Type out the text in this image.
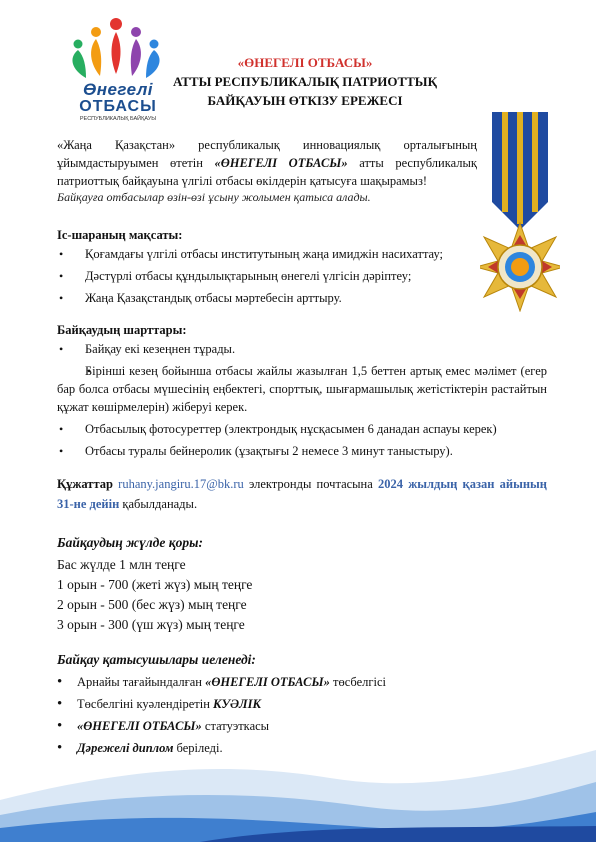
Өнегелі
ОТБАСЫ
РЕСПУБЛИКАЛЫҚ БАЙҚАУЫ
«ӨНЕГЕЛІ ОТБАСЫ»
АТТЫ РЕСПУБЛИКАЛЫҚ ПАТРИОТТЫҚ
БАЙҚАУЫН ӨТКІЗУ ЕРЕЖЕСІ
«Жаңа Қазақстан» республикалық инновациялық орталығының ұйымдастыруымен өтетін «ӨНЕГЕЛІ ОТБАСЫ» атты республикалық патриоттық байқауына үлгілі отбасы өкілдерін қатысуға шақырамыз!
Байқауға отбасылар өзін-өзі ұсыну жолымен қатыса алады.
Іс-шараның мақсаты:
• Қоғамдағы үлгілі отбасы институтының жаңа имиджін насихаттау;
• Дәстүрлі отбасы құндылықтарының өнегелі үлгісін дәріптеу;
• Жаңа Қазақстандық отбасы мәртебесін арттыру.
Байқаудың шарттары:
• Байқау екі кезеңнен тұрады.
• Бірінші кезең бойынша отбасы жайлы жазылған 1,5 беттен артық емес мәлімет (егер бар болса отбасы мүшесінің еңбектегі, спорттық, шығармашылық жетістіктерін растайтын құжат көшірмелерін) жіберуі керек.
• Отбасылық фотосуреттер (электрондық нұсқасымен 6 данадан аспауы керек)
• Отбасы туралы бейнеролик (ұзақтығы 2 немесе 3 минут таныстыру).
Құжаттар ruhany.jangiru.17@bk.ru электронды почтасына 2024 жылдың қазан айының 31-не дейін қабылданады.
Байқаудың жүлде қоры:
Бас жүлде 1 млн теңге
1 орын - 700 (жеті жүз) мың теңге
2 орын - 500 (бес жүз) мың теңге
3 орын - 300 (үш жүз) мың теңге
Байқау қатысушылары иеленеді:
• Арнайы тағайындалған «ӨНЕГЕЛІ ОТБАСЫ» төсбелгісі
• Төсбелгіні куәлендіретін КУӘЛІК
• «ӨНЕГЕЛІ ОТБАСЫ» статуэткасы
• Дәрежелі диплом беріледі.
